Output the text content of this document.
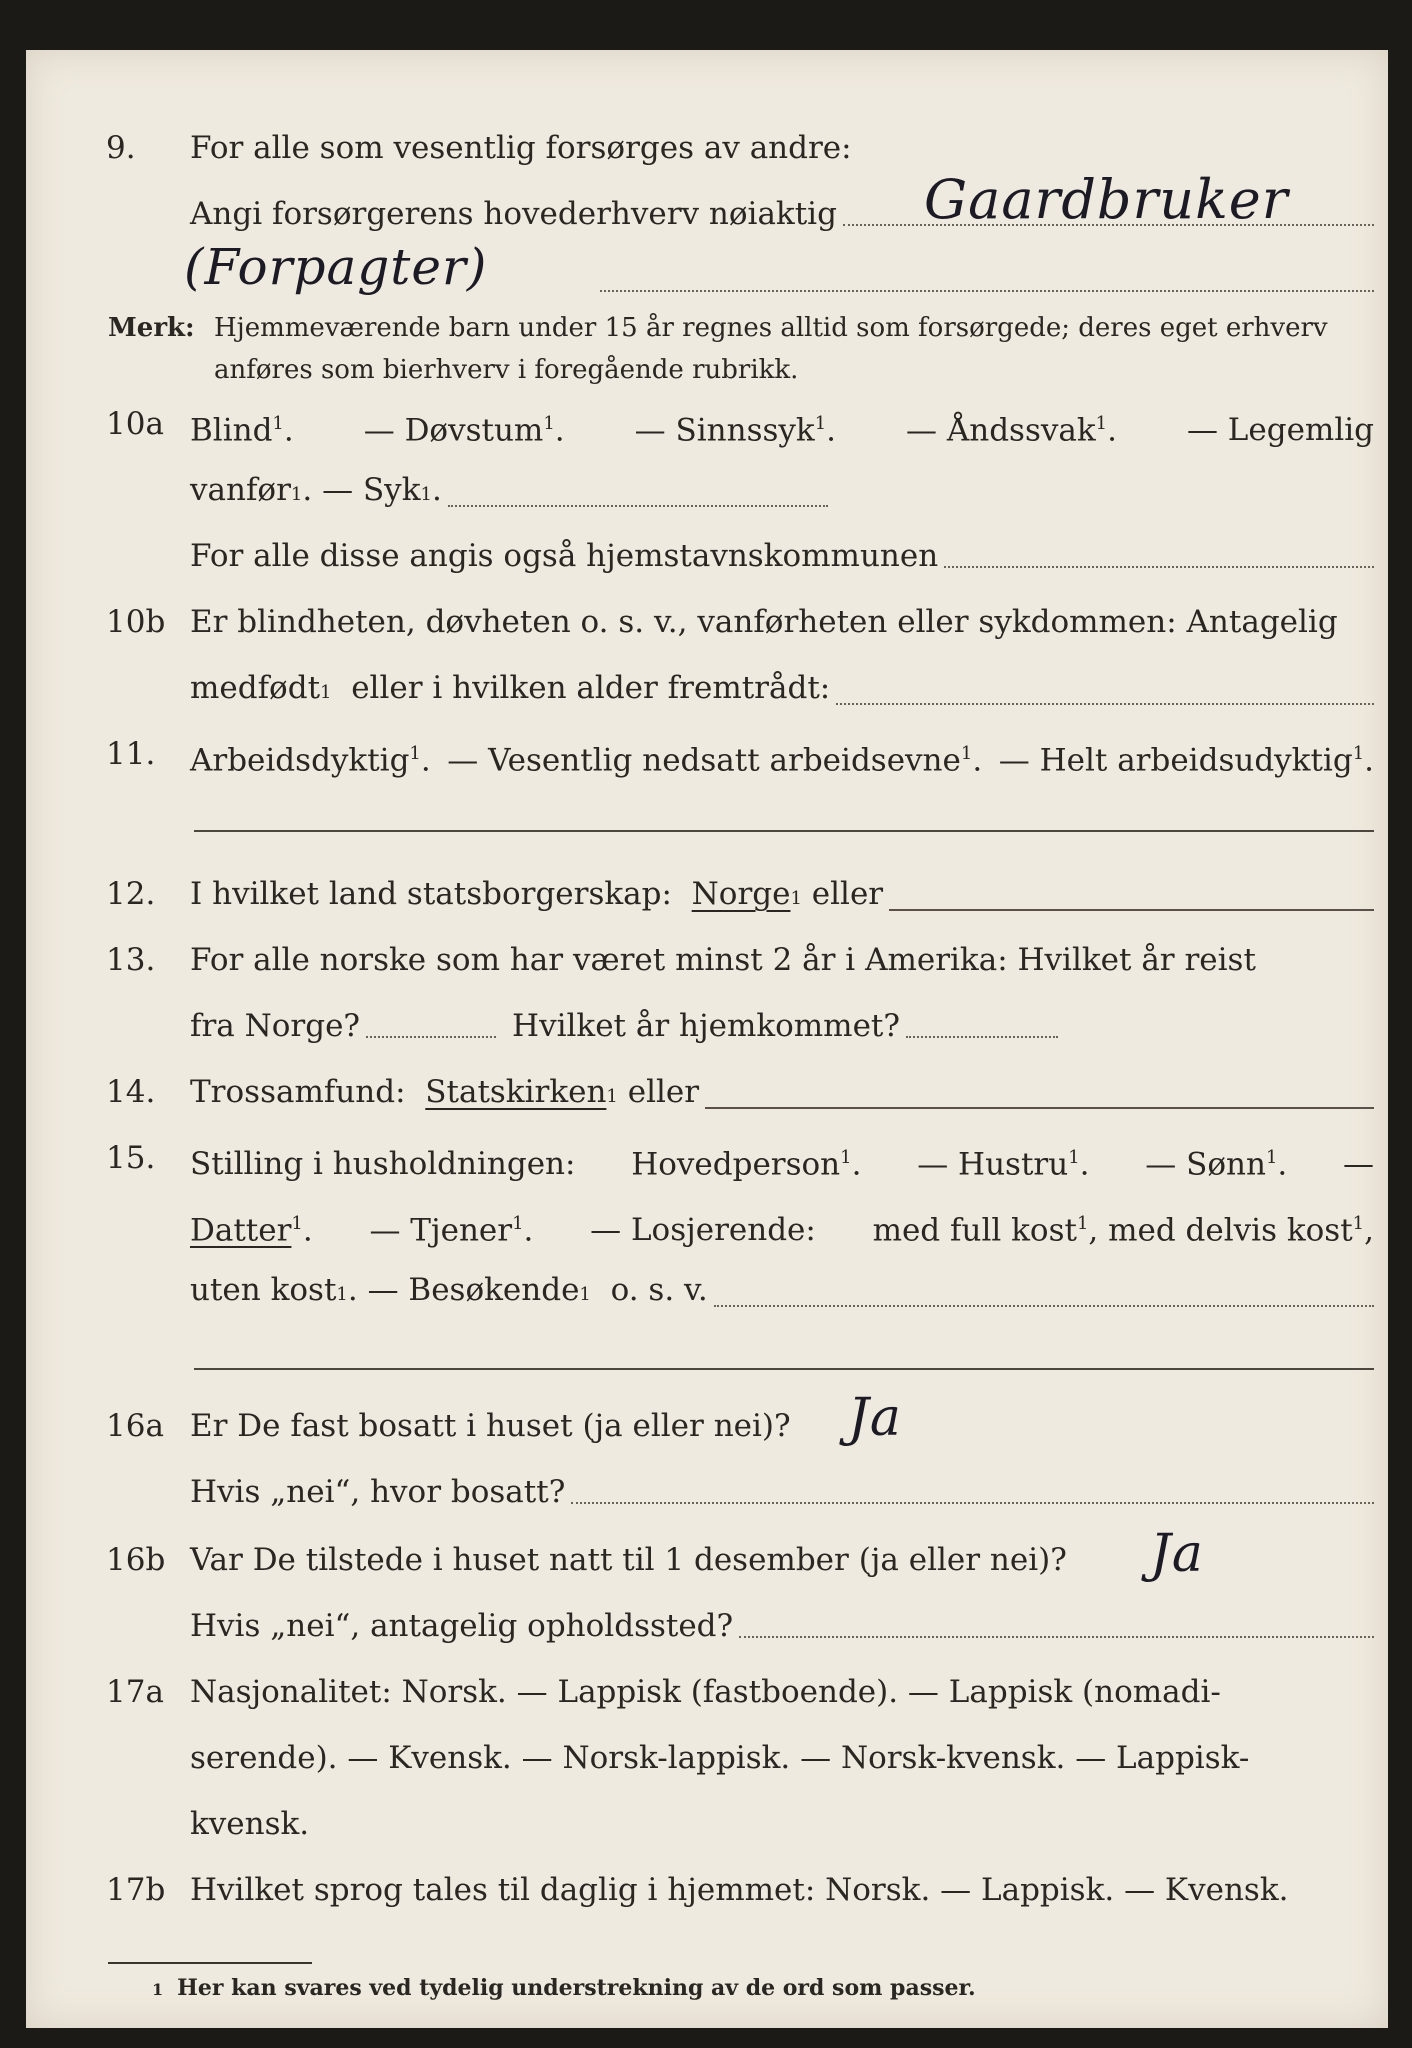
9. For alle som vesentlig forsørges av andre:
Angi forsørgerens hovederhverv nøiaktig Gaardbruker
(Forpagter)
Merk: Hjemmeværende barn under 15 år regnes alltid som forsørgede; deres eget erhverv
anføres som bierhverv i foregående rubrikk.
10a Blind$^1$. — Døvstum$^1$. — Sinnssyk$^1$. — Åndssvak$^1$. — Legemlig
vanfør 1 . — Syk 1 .
For alle disse angis også hjemstavnskommunen
10b Er blindheten, døvheten o. s. v., vanførheten eller sykdommen: Antagelig
medfødt 1
eller i hvilken alder fremtrådt:
11. Arbeidsdyktig$^1$. — Vesentlig nedsatt arbeidsevne$^1$. — Helt arbeidsudyktig$^1$.
12. I hvilket land statsborgerskap:
Norge 1
eller
13. For alle norske som har været minst 2 år i Amerika: Hvilket år reist
fra Norge?	Hvilket år hjemkommet?
14. Trossamfund:
Statskirken 1
eller
15. Stilling i husholdningen: Hovedperson$^1$. — Hustru$^1$. — Sønn$^1$. —
Datter$^1$. — Tjener$^1$. — Losjerende: med full kost$^1$, med delvis kost$^1$,
uten kost 1 . — Besøkende 1
o. s. v.
16a Er De fast bosatt i huset (ja eller nei)? Ja
Hvis „nei“, hvor bosatt?
16b Var De tilstede i huset natt til 1 desember (ja eller nei)? Ja
Hvis „nei“, antagelig opholdssted?
17a Nasjonalitet: Norsk. — Lappisk (fastboende). — Lappisk (nomadi-
serende). — Kvensk. — Norsk-lappisk. — Norsk-kvensk. — Lappisk-
kvensk.
17b Hvilket sprog tales til daglig i hjemmet: Norsk. — Lappisk. — Kvensk.
1 Her kan svares ved tydelig understrekning av de ord som passer.
